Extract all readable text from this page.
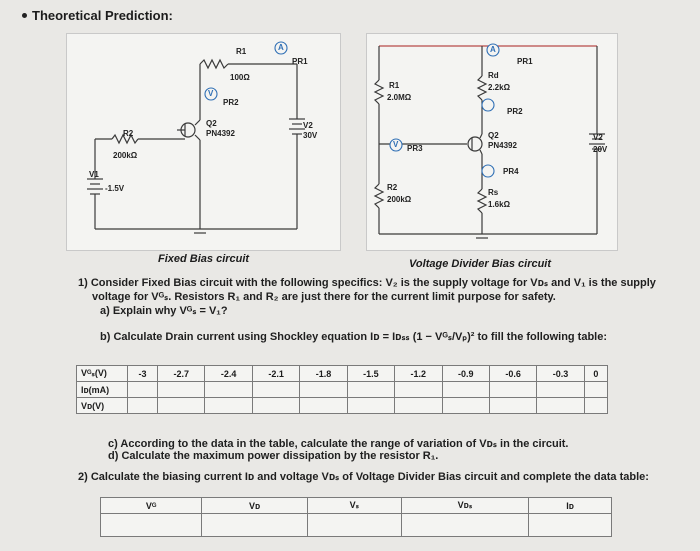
Theoretical Prediction:
A
V
R1
100Ω
PR1
PR2
Q2
PN4392
V2
30V
R2
200kΩ
V1
-1.5V
A
V
PR1
R1
2.0MΩ
Rd
2.2kΩ
PR2
PR3
Q2
PN4392
V2
20V
PR4
R2
200kΩ
Rs
1.6kΩ
Fixed Bias circuit	Voltage Divider Bias circuit
1) Consider Fixed Bias circuit with the following specifics: V₂ is the supply voltage for Vᴅₛ and V₁ is the supply
voltage for Vᴳₛ. Resistors R₁ and R₂ are just there for the current limit purpose for safety.
a) Explain why Vᴳₛ = V₁?
b) Calculate Drain current using Shockley equation Iᴅ = Iᴅₛₛ (1 − Vᴳₛ/Vₚ)² to fill the following table:
Vᴳₛ(V)	-3	-2.7	-2.4	-2.1	-1.8	-1.5	-1.2	-0.9	-0.6	-0.3	0
Iᴅ(mA)											
Vᴅ(V)											
c) According to the data in the table, calculate the range of variation of Vᴅₛ in the circuit.
d) Calculate the maximum power dissipation by the resistor R₁.
2) Calculate the biasing current Iᴅ and voltage Vᴅₛ of Voltage Divider Bias circuit and complete the data table:
Vᴳ	Vᴅ	Vₛ	Vᴅₛ	Iᴅ
